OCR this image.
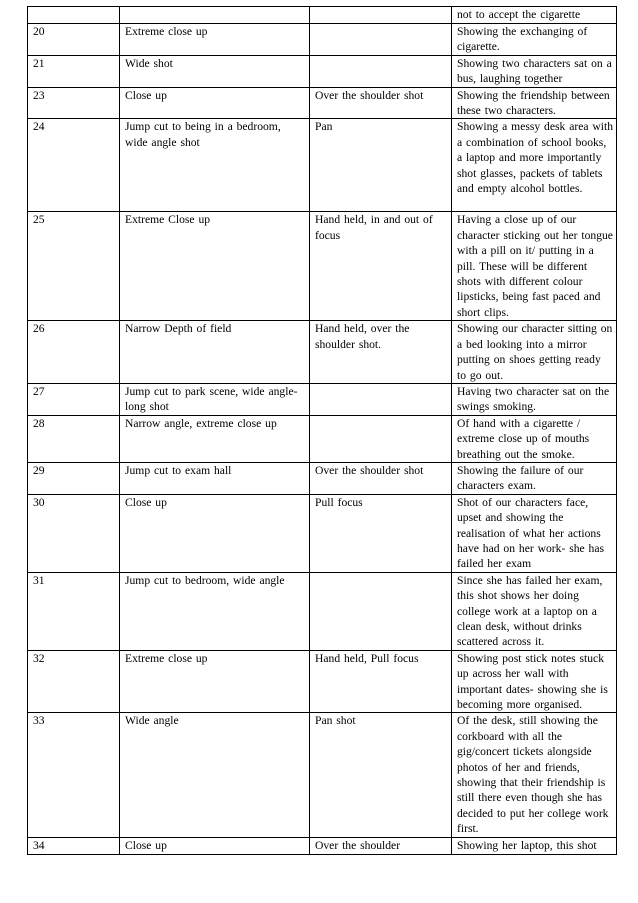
			not to accept the cigarette
20	Extreme close up		Showing the exchanging of cigarette.
21	Wide shot		Showing two characters sat on a bus, laughing together
23	Close up	Over the shoulder shot	Showing the friendship between these two characters.
24	Jump cut to being in a bedroom, wide angle shot	Pan	Showing a messy desk area with a combination of school books, a laptop and more importantly shot glasses, packets of tablets and empty alcohol bottles.
25	Extreme Close up	Hand held, in and out of focus	Having a close up of our character sticking out her tongue with a pill on it/ putting in a pill. These will be different shots with different colour lipsticks, being fast paced and short clips.
26	Narrow Depth of field	Hand held, over the shoulder shot.	Showing our character sitting on a bed looking into a mirror putting on shoes getting ready to go out.
27	Jump cut to park scene, wide angle- long shot		Having two character sat on the swings smoking.
28	Narrow angle, extreme close up		Of hand with a cigarette / extreme close up of mouths breathing out the smoke.
29	Jump cut to exam hall	Over the shoulder shot	Showing the failure of our characters exam.
30	Close up	Pull focus	Shot of our characters face, upset and showing the realisation of what her actions have had on her work- she has failed her exam
31	Jump cut to bedroom, wide angle		Since she has failed her exam, this shot shows her doing college work at a laptop on a clean desk, without drinks scattered across it.
32	Extreme close up	Hand held, Pull focus	Showing post stick notes stuck up across her wall with important dates- showing she is becoming more organised.
33	Wide angle	Pan shot	Of the desk, still showing the corkboard with all the gig/concert tickets alongside photos of her and friends, showing that their friendship is still there even though she has decided to put her college work first.
34	Close up	Over the shoulder	Showing her laptop, this shot
